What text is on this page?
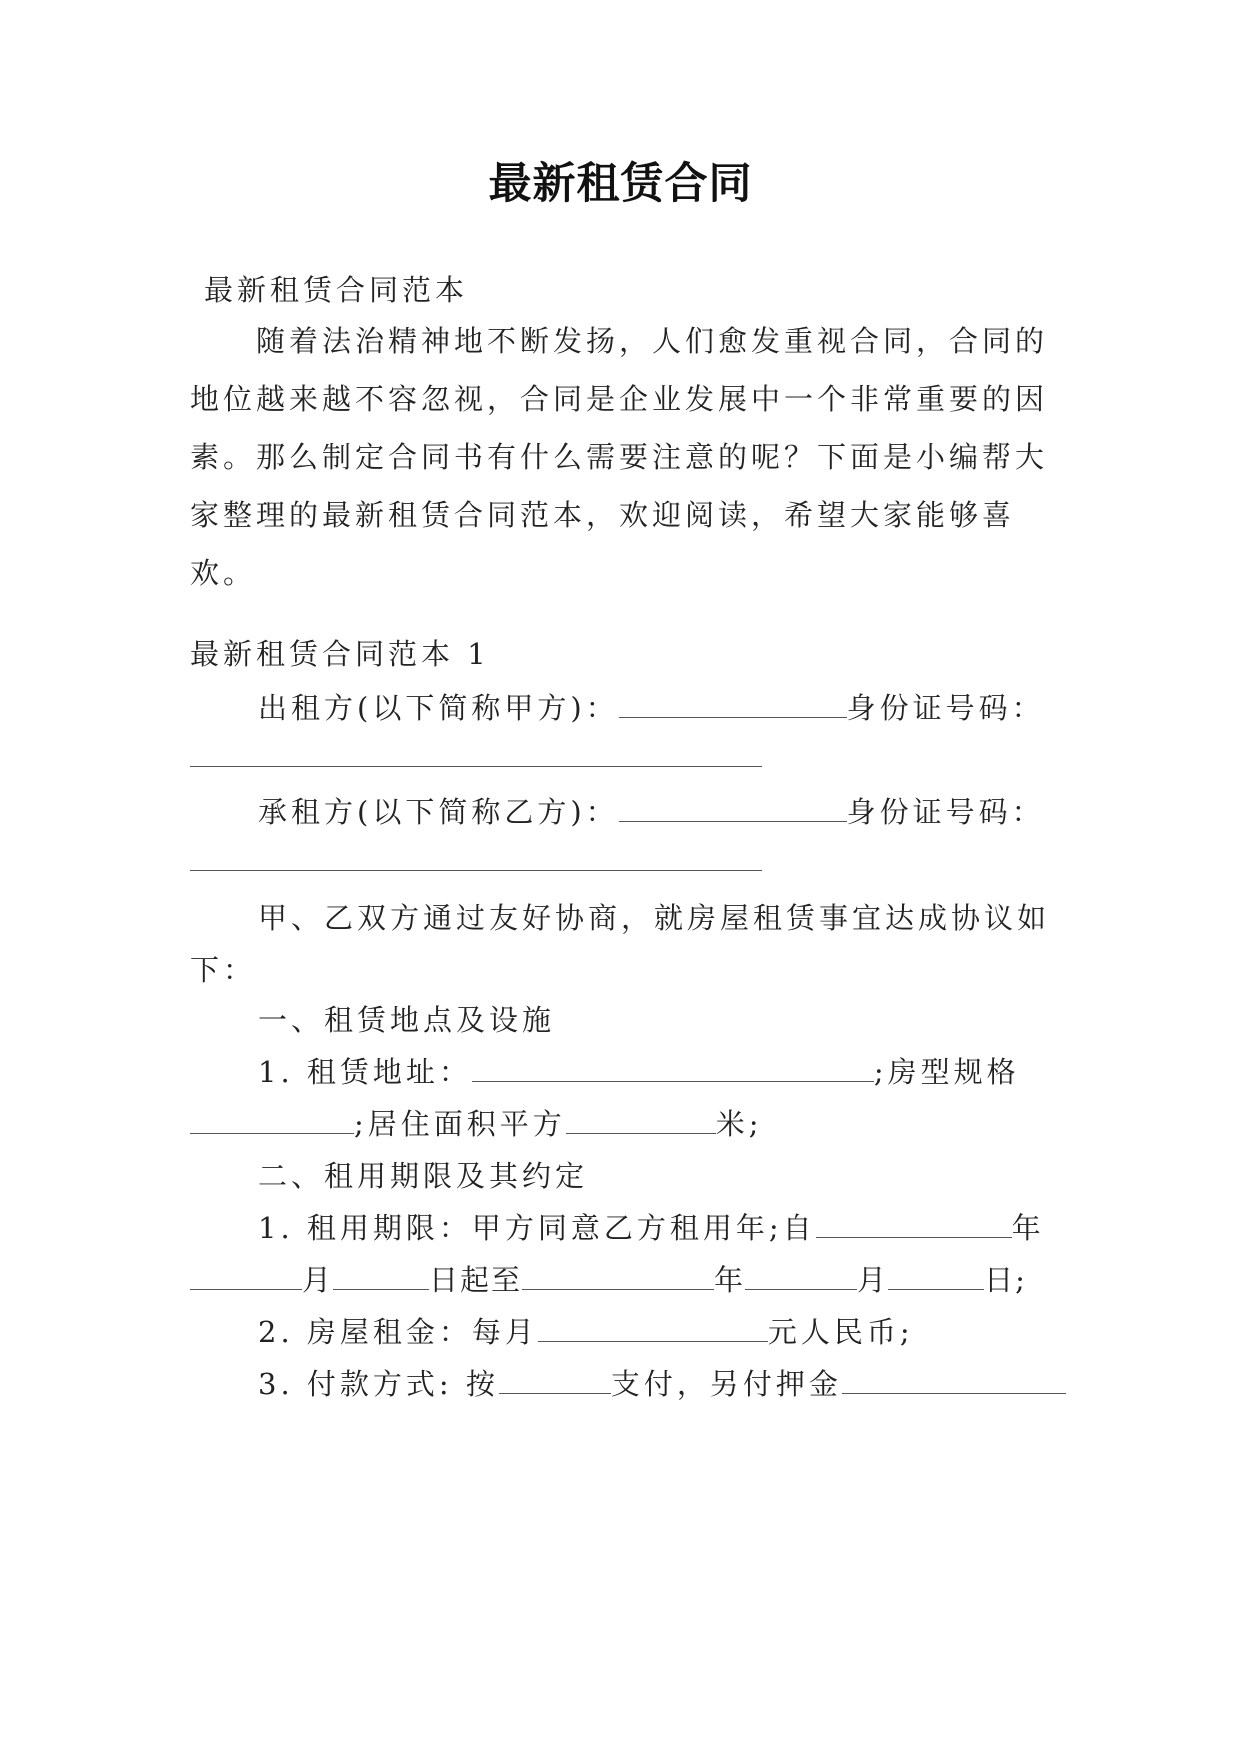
最新租赁合同
最新租赁合同范本
随着法治精神地不断发扬，人们愈发重视合同，合同的地位越来越不容忽视，合同是企业发展中一个非常重要的因素。那么制定合同书有什么需要注意的呢？下面是小编帮大家整理的最新租赁合同范本，欢迎阅读，希望大家能够喜欢。
最新租赁合同范本 1
出租方(以下简称甲方)：	身份证号码：
承租方(以下简称乙方)：	身份证号码：
甲、乙双方通过友好协商，就房屋租赁事宜达成协议如
下：
一、租赁地点及设施
1. 租赁地址：	;房型规格
;居住面积平方	米;
二、租用期限及其约定
1. 租用期限：甲方同意乙方租用年;自	年
月	日起至	年	月	日;
2. 房屋租金：每月	元人民币;
3. 付款方式: 按	支付，另付押金
